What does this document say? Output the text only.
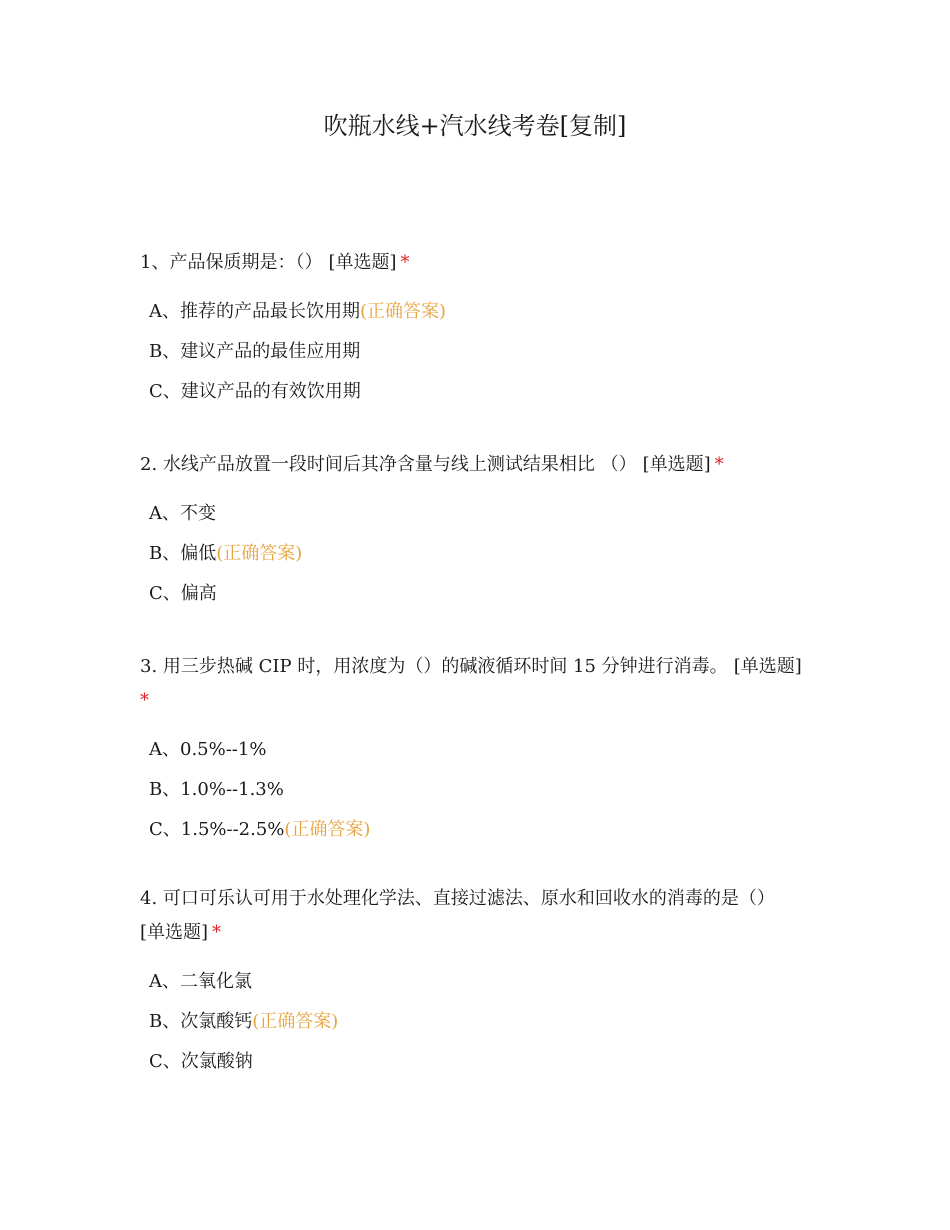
吹瓶水线+汽水线考卷[复制]

1、产品保质期是：（） [单选题] *

A、推荐的产品最长饮用期(正确答案)
B、建议产品的最佳应用期
C、建议产品的有效饮用期

2. 水线产品放置一段时间后其净含量与线上测试结果相比 （） [单选题] *

A、不变
B、偏低(正确答案)
C、偏高

3. 用三步热碱 CIP 时，用浓度为（）的碱液循环时间 15 分钟进行消毒。 [单选题]
*

A、0.5%--1%
B、1.0%--1.3%
C、1.5%--2.5%(正确答案)

4. 可口可乐认可用于水处理化学法、直接过滤法、原水和回收水的消毒的是（）
[单选题] *

A、二氧化氯
B、次氯酸钙(正确答案)
C、次氯酸钠
